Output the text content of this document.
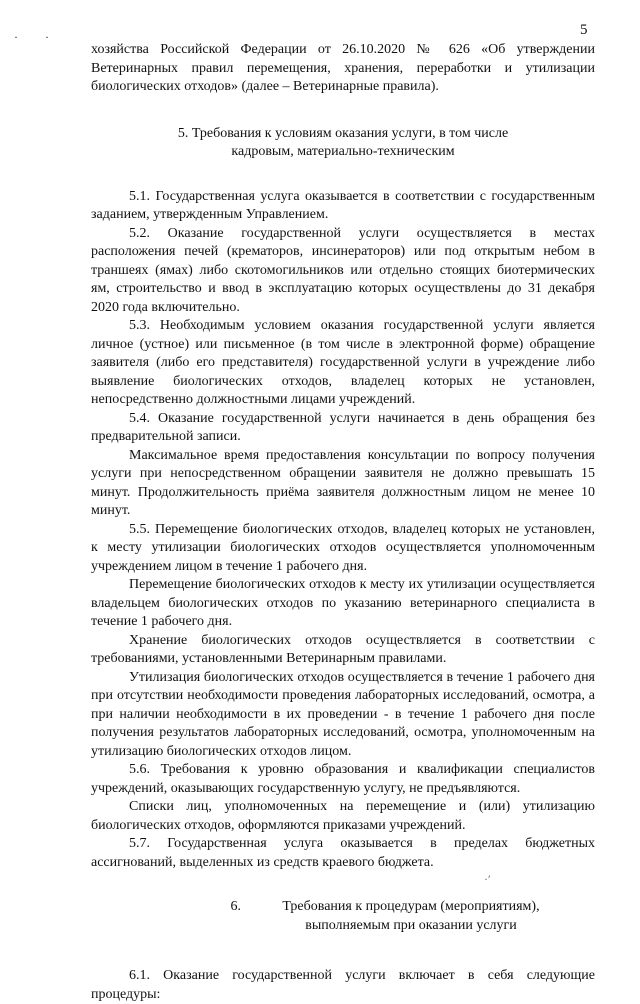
5
· ·

хозяйства Российской Федерации от 26.10.2020 № 626 «Об утверждении Ветеринарных правил перемещения, хранения, переработки и утилизации биологических отходов» (далее – Ветеринарные правила).

5. Требования к условиям оказания услуги, в том числе
кадровым, материально-техническим

5.1. Государственная услуга оказывается в соответствии с государственным заданием, утвержденным Управлением.

5.2. Оказание государственной услуги осуществляется в местах расположения печей (крематоров, инсинераторов) или под открытым небом в траншеях (ямах) либо скотомогильников или отдельно стоящих биотермических ям, строительство и ввод в эксплуатацию которых осуществлены до 31 декабря 2020 года включительно.

5.3. Необходимым условием оказания государственной услуги является личное (устное) или письменное (в том числе в электронной форме) обращение заявителя (либо его представителя) государственной услуги в учреждение либо выявление биологических отходов, владелец которых не установлен, непосредственно должностными лицами учреждений.

5.4. Оказание государственной услуги начинается в день обращения без предварительной записи.

Максимальное время предоставления консультации по вопросу получения услуги при непосредственном обращении заявителя не должно превышать 15 минут. Продолжительность приёма заявителя должностным лицом не менее 10 минут.

5.5. Перемещение биологических отходов, владелец которых не установлен, к месту утилизации биологических отходов осуществляется уполномоченным учреждением лицом в течение 1 рабочего дня.

Перемещение биологических отходов к месту их утилизации осуществляется владельцем биологических отходов по указанию ветеринарного специалиста в течение 1 рабочего дня.

Хранение биологических отходов осуществляется в соответствии с требованиями, установленными Ветеринарным правилами.

Утилизация биологических отходов осуществляется в течение 1 рабочего дня при отсутствии необходимости проведения лабораторных исследований, осмотра, а при наличии необходимости в их проведении - в течение 1 рабочего дня после получения результатов лабораторных исследований, осмотра, уполномоченным на утилизацию биологических отходов лицом.

5.6. Требования к уровню образования и квалификации специалистов учреждений, оказывающих государственную услугу, не предъявляются.

Списки лиц, уполномоченных на перемещение и (или) утилизацию биологических отходов, оформляются приказами учреждений.

5.7. Государственная услуга оказывается в пределах бюджетных ассигнований, выделенных из средств краевого бюджета.

6.	Требования к процедурам (мероприятиям),
выполняемым при оказании услуги

6.1. Оказание государственной услуги включает в себя следующие процедуры:

·′
